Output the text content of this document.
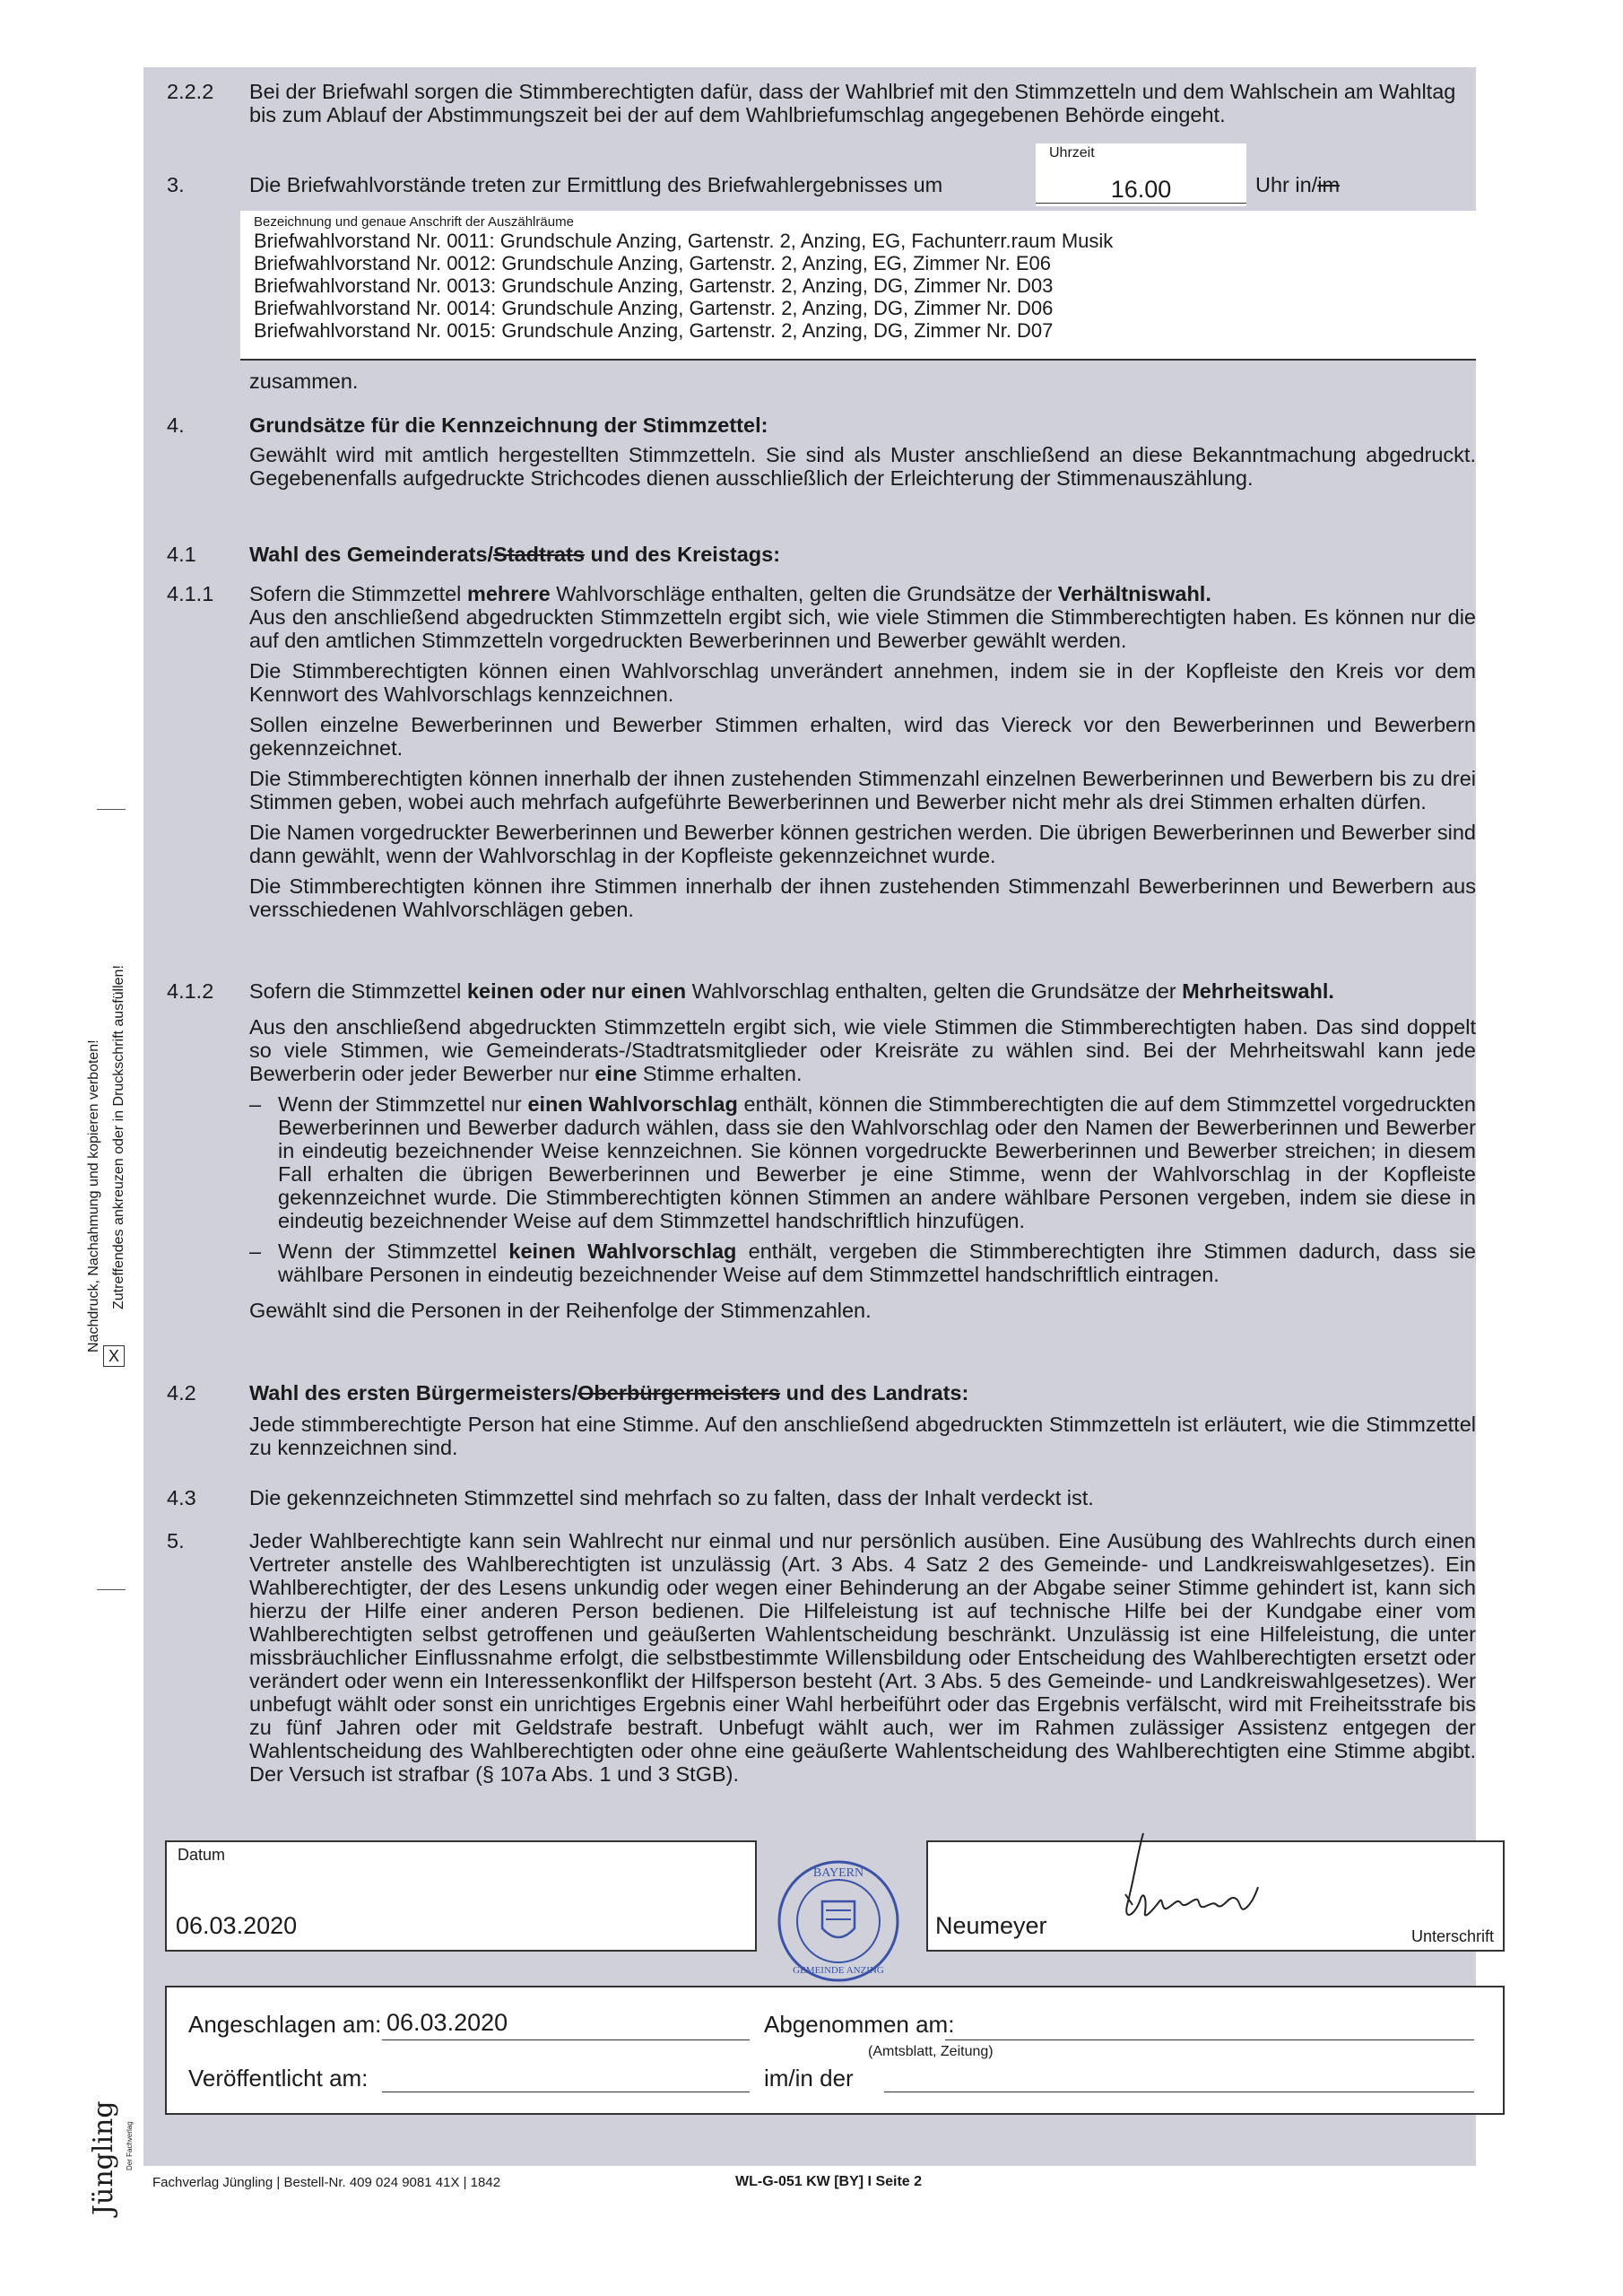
Nachdruck, Nachahmung und kopieren verboten! Zutreffendes ankreuzen oder in Druckschrift ausfüllen!
X
Jüngling Der Fachverlag
2.2.2 Bei der Briefwahl sorgen die Stimmberechtigten dafür, dass der Wahlbrief mit den Stimmzetteln und dem Wahlschein am Wahltag bis zum Ablauf der Abstimmungszeit bei der auf dem Wahlbriefumschlag angegebenen Behörde eingeht.
3.	Die Briefwahlvorstände treten zur Ermittlung des Briefwahlergebnisses um
Uhrzeit
16.00	Uhr in/im
Bezeichnung und genaue Anschrift der Auszählräume
Briefwahlvorstand Nr. 0011: Grundschule Anzing, Gartenstr. 2, Anzing, EG, Fachunterr.raum Musik
Briefwahlvorstand Nr. 0012: Grundschule Anzing, Gartenstr. 2, Anzing, EG, Zimmer Nr. E06
Briefwahlvorstand Nr. 0013: Grundschule Anzing, Gartenstr. 2, Anzing, DG, Zimmer Nr. D03
Briefwahlvorstand Nr. 0014: Grundschule Anzing, Gartenstr. 2, Anzing, DG, Zimmer Nr. D06
Briefwahlvorstand Nr. 0015: Grundschule Anzing, Gartenstr. 2, Anzing, DG, Zimmer Nr. D07
zusammen.
4.	Grundsätze für die Kennzeichnung der Stimmzettel:
Gewählt wird mit amtlich hergestellten Stimmzetteln. Sie sind als Muster anschließend an diese Bekanntmachung abgedruckt. Gegebenenfalls aufgedruckte Strichcodes dienen ausschließlich der Erleichterung der Stimmenauszählung.
4.1	Wahl des Gemeinderats/Stadtrats und des Kreistags:
4.1.1 Sofern die Stimmzettel mehrere Wahlvorschläge enthalten, gelten die Grundsätze der Verhältniswahl.
Aus den anschließend abgedruckten Stimmzetteln ergibt sich, wie viele Stimmen die Stimmberechtigten haben. Es können nur die auf den amtlichen Stimmzetteln vorgedruckten Bewerberinnen und Bewerber gewählt werden.
Die Stimmberechtigten können einen Wahlvorschlag unverändert annehmen, indem sie in der Kopfleiste den Kreis vor dem Kennwort des Wahlvorschlags kennzeichnen.
Sollen einzelne Bewerberinnen und Bewerber Stimmen erhalten, wird das Viereck vor den Bewerberinnen und Bewerbern gekennzeichnet.
Die Stimmberechtigten können innerhalb der ihnen zustehenden Stimmenzahl einzelnen Bewerberinnen und Bewerbern bis zu drei Stimmen geben, wobei auch mehrfach aufgeführte Bewerberinnen und Bewerber nicht mehr als drei Stimmen erhalten dürfen.
Die Namen vorgedruckter Bewerberinnen und Bewerber können gestrichen werden. Die übrigen Bewerberinnen und Bewerber sind dann gewählt, wenn der Wahlvorschlag in der Kopfleiste gekennzeichnet wurde.
Die Stimmberechtigten können ihre Stimmen innerhalb der ihnen zustehenden Stimmenzahl Bewerberinnen und Bewerbern aus versschiedenen Wahlvorschlägen geben.
4.1.2 Sofern die Stimmzettel keinen oder nur einen Wahlvorschlag enthalten, gelten die Grundsätze der Mehrheitswahl.
Aus den anschließend abgedruckten Stimmzetteln ergibt sich, wie viele Stimmen die Stimmberechtigten haben. Das sind doppelt so viele Stimmen, wie Gemeinderats-/Stadtratsmitglieder oder Kreisräte zu wählen sind. Bei der Mehrheitswahl kann jede Bewerberin oder jeder Bewerber nur eine Stimme erhalten.
– Wenn der Stimmzettel nur einen Wahlvorschlag enthält, können die Stimmberechtigten die auf dem Stimmzettel vorgedruckten Bewerberinnen und Bewerber dadurch wählen, dass sie den Wahlvorschlag oder den Namen der Bewerberinnen und Bewerber in eindeutig bezeichnender Weise kennzeichnen. Sie können vorgedruckte Bewerberinnen und Bewerber streichen; in diesem Fall erhalten die übrigen Bewerberinnen und Bewerber je eine Stimme, wenn der Wahlvorschlag in der Kopfleiste gekennzeichnet wurde. Die Stimmberechtigten können Stimmen an andere wählbare Personen vergeben, indem sie diese in eindeutig bezeichnender Weise auf dem Stimmzettel handschriftlich hinzufügen.
– Wenn der Stimmzettel keinen Wahlvorschlag enthält, vergeben die Stimmberechtigten ihre Stimmen dadurch, dass sie wählbare Personen in eindeutig bezeichnender Weise auf dem Stimmzettel handschriftlich eintragen.
Gewählt sind die Personen in der Reihenfolge der Stimmenzahlen.
4.2	Wahl des ersten Bürgermeisters/Oberbürgermeisters und des Landrats:
Jede stimmberechtigte Person hat eine Stimme. Auf den anschließend abgedruckten Stimmzetteln ist erläutert, wie die Stimmzettel zu kennzeichnen sind.
4.3	Die gekennzeichneten Stimmzettel sind mehrfach so zu falten, dass der Inhalt verdeckt ist.
5.	Jeder Wahlberechtigte kann sein Wahlrecht nur einmal und nur persönlich ausüben. Eine Ausübung des Wahlrechts durch einen Vertreter anstelle des Wahlberechtigten ist unzulässig (Art. 3 Abs. 4 Satz 2 des Gemeinde- und Landkreiswahlgesetzes). Ein Wahlberechtigter, der des Lesens unkundig oder wegen einer Behinderung an der Abgabe seiner Stimme gehindert ist, kann sich hierzu der Hilfe einer anderen Person bedienen. Die Hilfeleistung ist auf technische Hilfe bei der Kundgabe einer vom Wahlberechtigten selbst getroffenen und geäußerten Wahlentscheidung beschränkt. Unzulässig ist eine Hilfeleistung, die unter missbräuchlicher Einflussnahme erfolgt, die selbstbestimmte Willensbildung oder Entscheidung des Wahlberechtigten ersetzt oder verändert oder wenn ein Interessenkonflikt der Hilfsperson besteht (Art. 3 Abs. 5 des Gemeinde- und Landkreiswahlgesetzes). Wer unbefugt wählt oder sonst ein unrichtiges Ergebnis einer Wahl herbeiführt oder das Ergebnis verfälscht, wird mit Freiheitsstrafe bis zu fünf Jahren oder mit Geldstrafe bestraft. Unbefugt wählt auch, wer im Rahmen zulässiger Assistenz entgegen der Wahlentscheidung des Wahlberechtigten oder ohne eine geäußerte Wahlentscheidung des Wahlberechtigten eine Stimme abgibt. Der Versuch ist strafbar (§ 107a Abs. 1 und 3 StGB).
Datum
06.03.2020
BAYERN
GEMEINDE ANZING
Neumeyer	Unterschrift
Angeschlagen am: 06.03.2020	Abgenommen am:
Veröffentlicht am:	im/in der
(Amtsblatt, Zeitung)
Fachverlag Jüngling | Bestell-Nr. 409 024 9081 41X | 1842	WL-G-051 KW [BY] I Seite 2
